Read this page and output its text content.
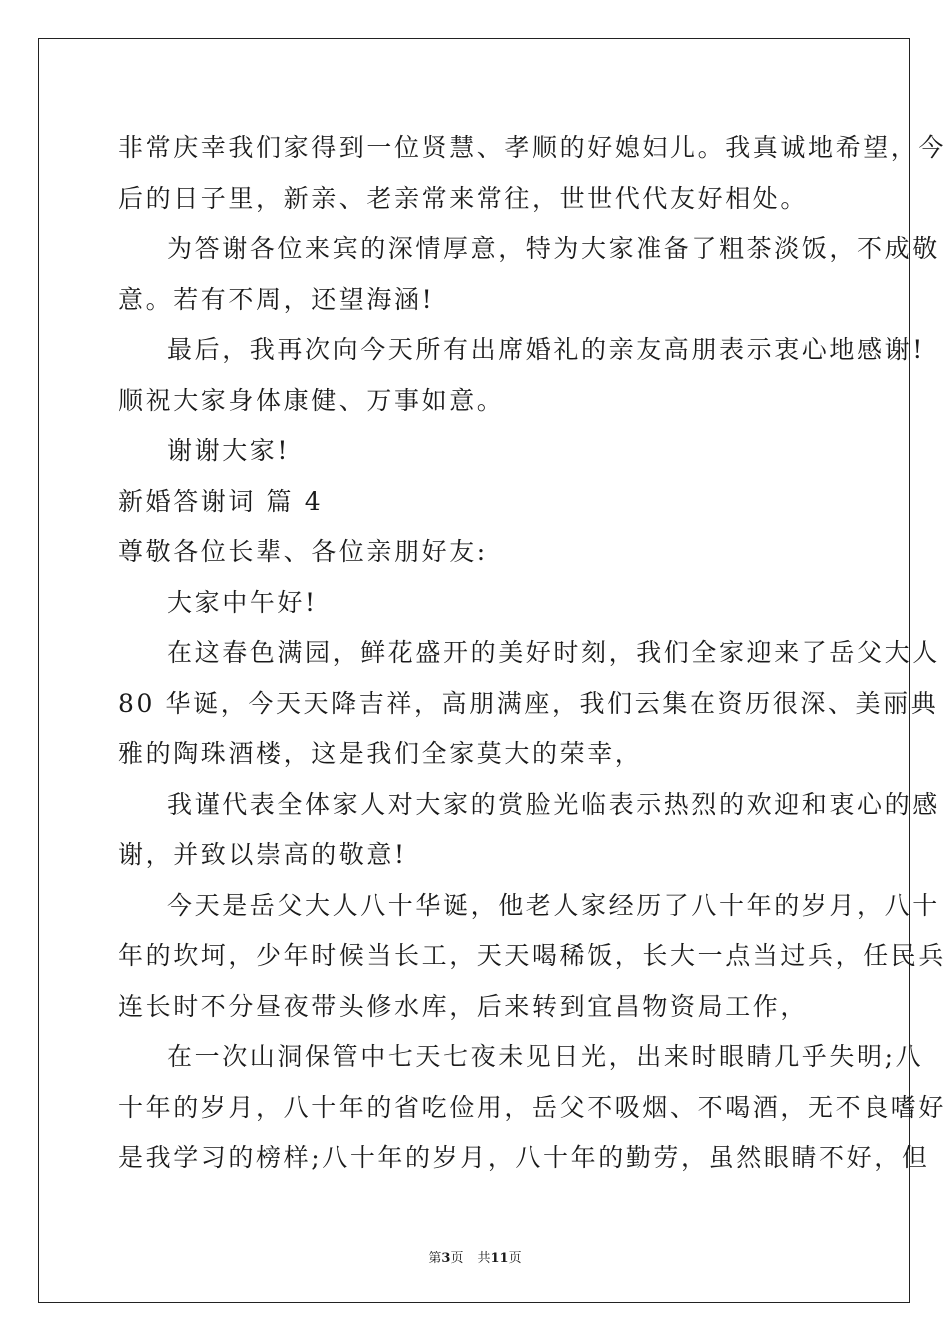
非常庆幸我们家得到一位贤慧、孝顺的好媳妇儿。我真诚地希望，今
后的日子里，新亲、老亲常来常往，世世代代友好相处。
为答谢各位来宾的深情厚意，特为大家准备了粗茶淡饭，不成敬
意。若有不周，还望海涵!
最后，我再次向今天所有出席婚礼的亲友高朋表示衷心地感谢!
顺祝大家身体康健、万事如意。
谢谢大家!
新婚答谢词 篇 4
尊敬各位长辈、各位亲朋好友:
大家中午好!
在这春色满园，鲜花盛开的美好时刻，我们全家迎来了岳父大人
80 华诞，今天天降吉祥，高朋满座，我们云集在资历很深、美丽典
雅的陶珠酒楼，这是我们全家莫大的荣幸，
我谨代表全体家人对大家的赏脸光临表示热烈的欢迎和衷心的感
谢，并致以崇高的敬意!
今天是岳父大人八十华诞，他老人家经历了八十年的岁月，八十
年的坎坷，少年时候当长工，天天喝稀饭，长大一点当过兵，任民兵
连长时不分昼夜带头修水库，后来转到宜昌物资局工作，
在一次山洞保管中七天七夜未见日光，出来时眼睛几乎失明;八
十年的岁月，八十年的省吃俭用，岳父不吸烟、不喝酒，无不良嗜好
是我学习的榜样;八十年的岁月，八十年的勤劳，虽然眼睛不好，但
第3页 共11页
